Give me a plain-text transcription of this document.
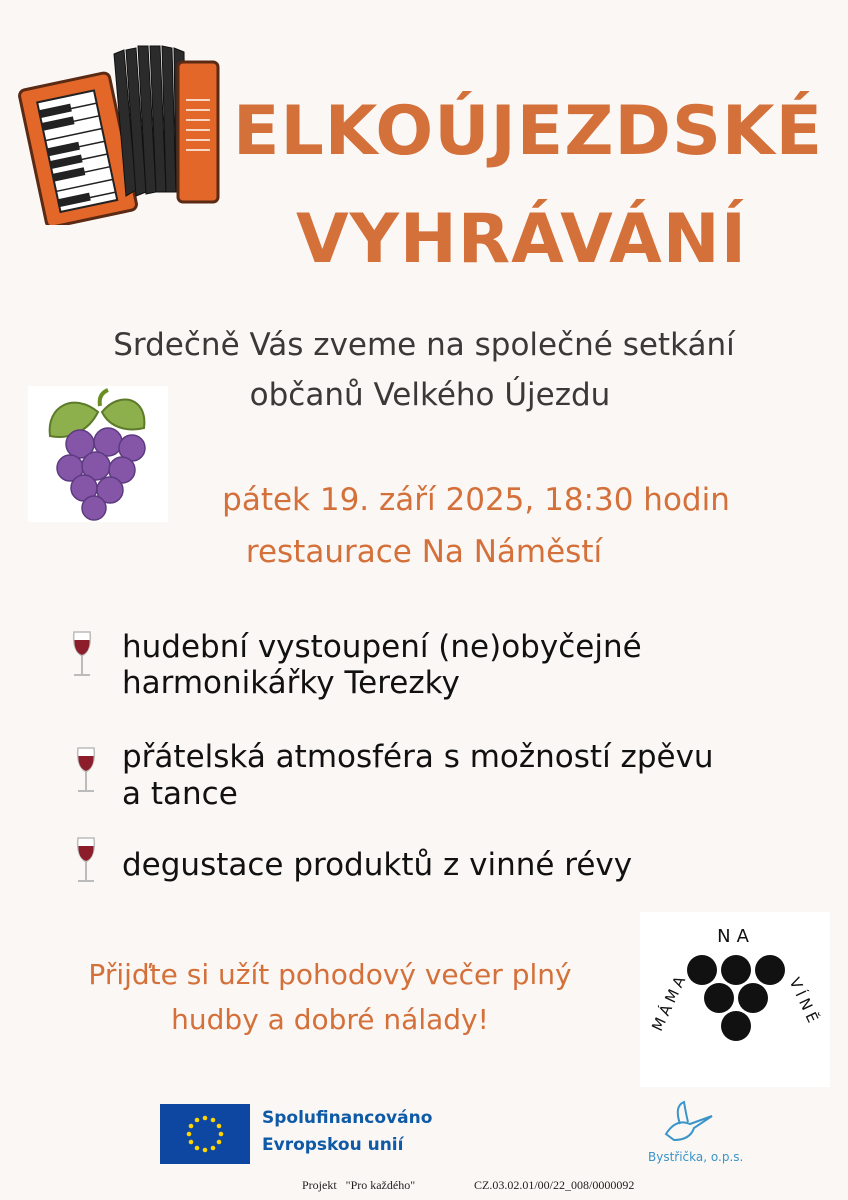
ELKOÚJEZDSKÉ
VYHRÁVÁNÍ
Srdečně Vás zveme na společné setkání
občanů Velkého Újezdu
pátek 19. září 2025, 18:30 hodin
restaurace Na Náměstí
hudební vystoupení (ne)obyčejné
harmonikářky Terezky
přátelská atmosféra s možností zpěvu
a tance
degustace produktů z vinné révy
Přijďte si užít pohodový večer plný
hudby a dobré nálady!
NA
MÁMA	VÍNĚ
Spolufinancováno
Evropskou unií
Bystřička, o.p.s.
Projekt   "Pro každého"	CZ.03.02.01/00/22_008/0000092
